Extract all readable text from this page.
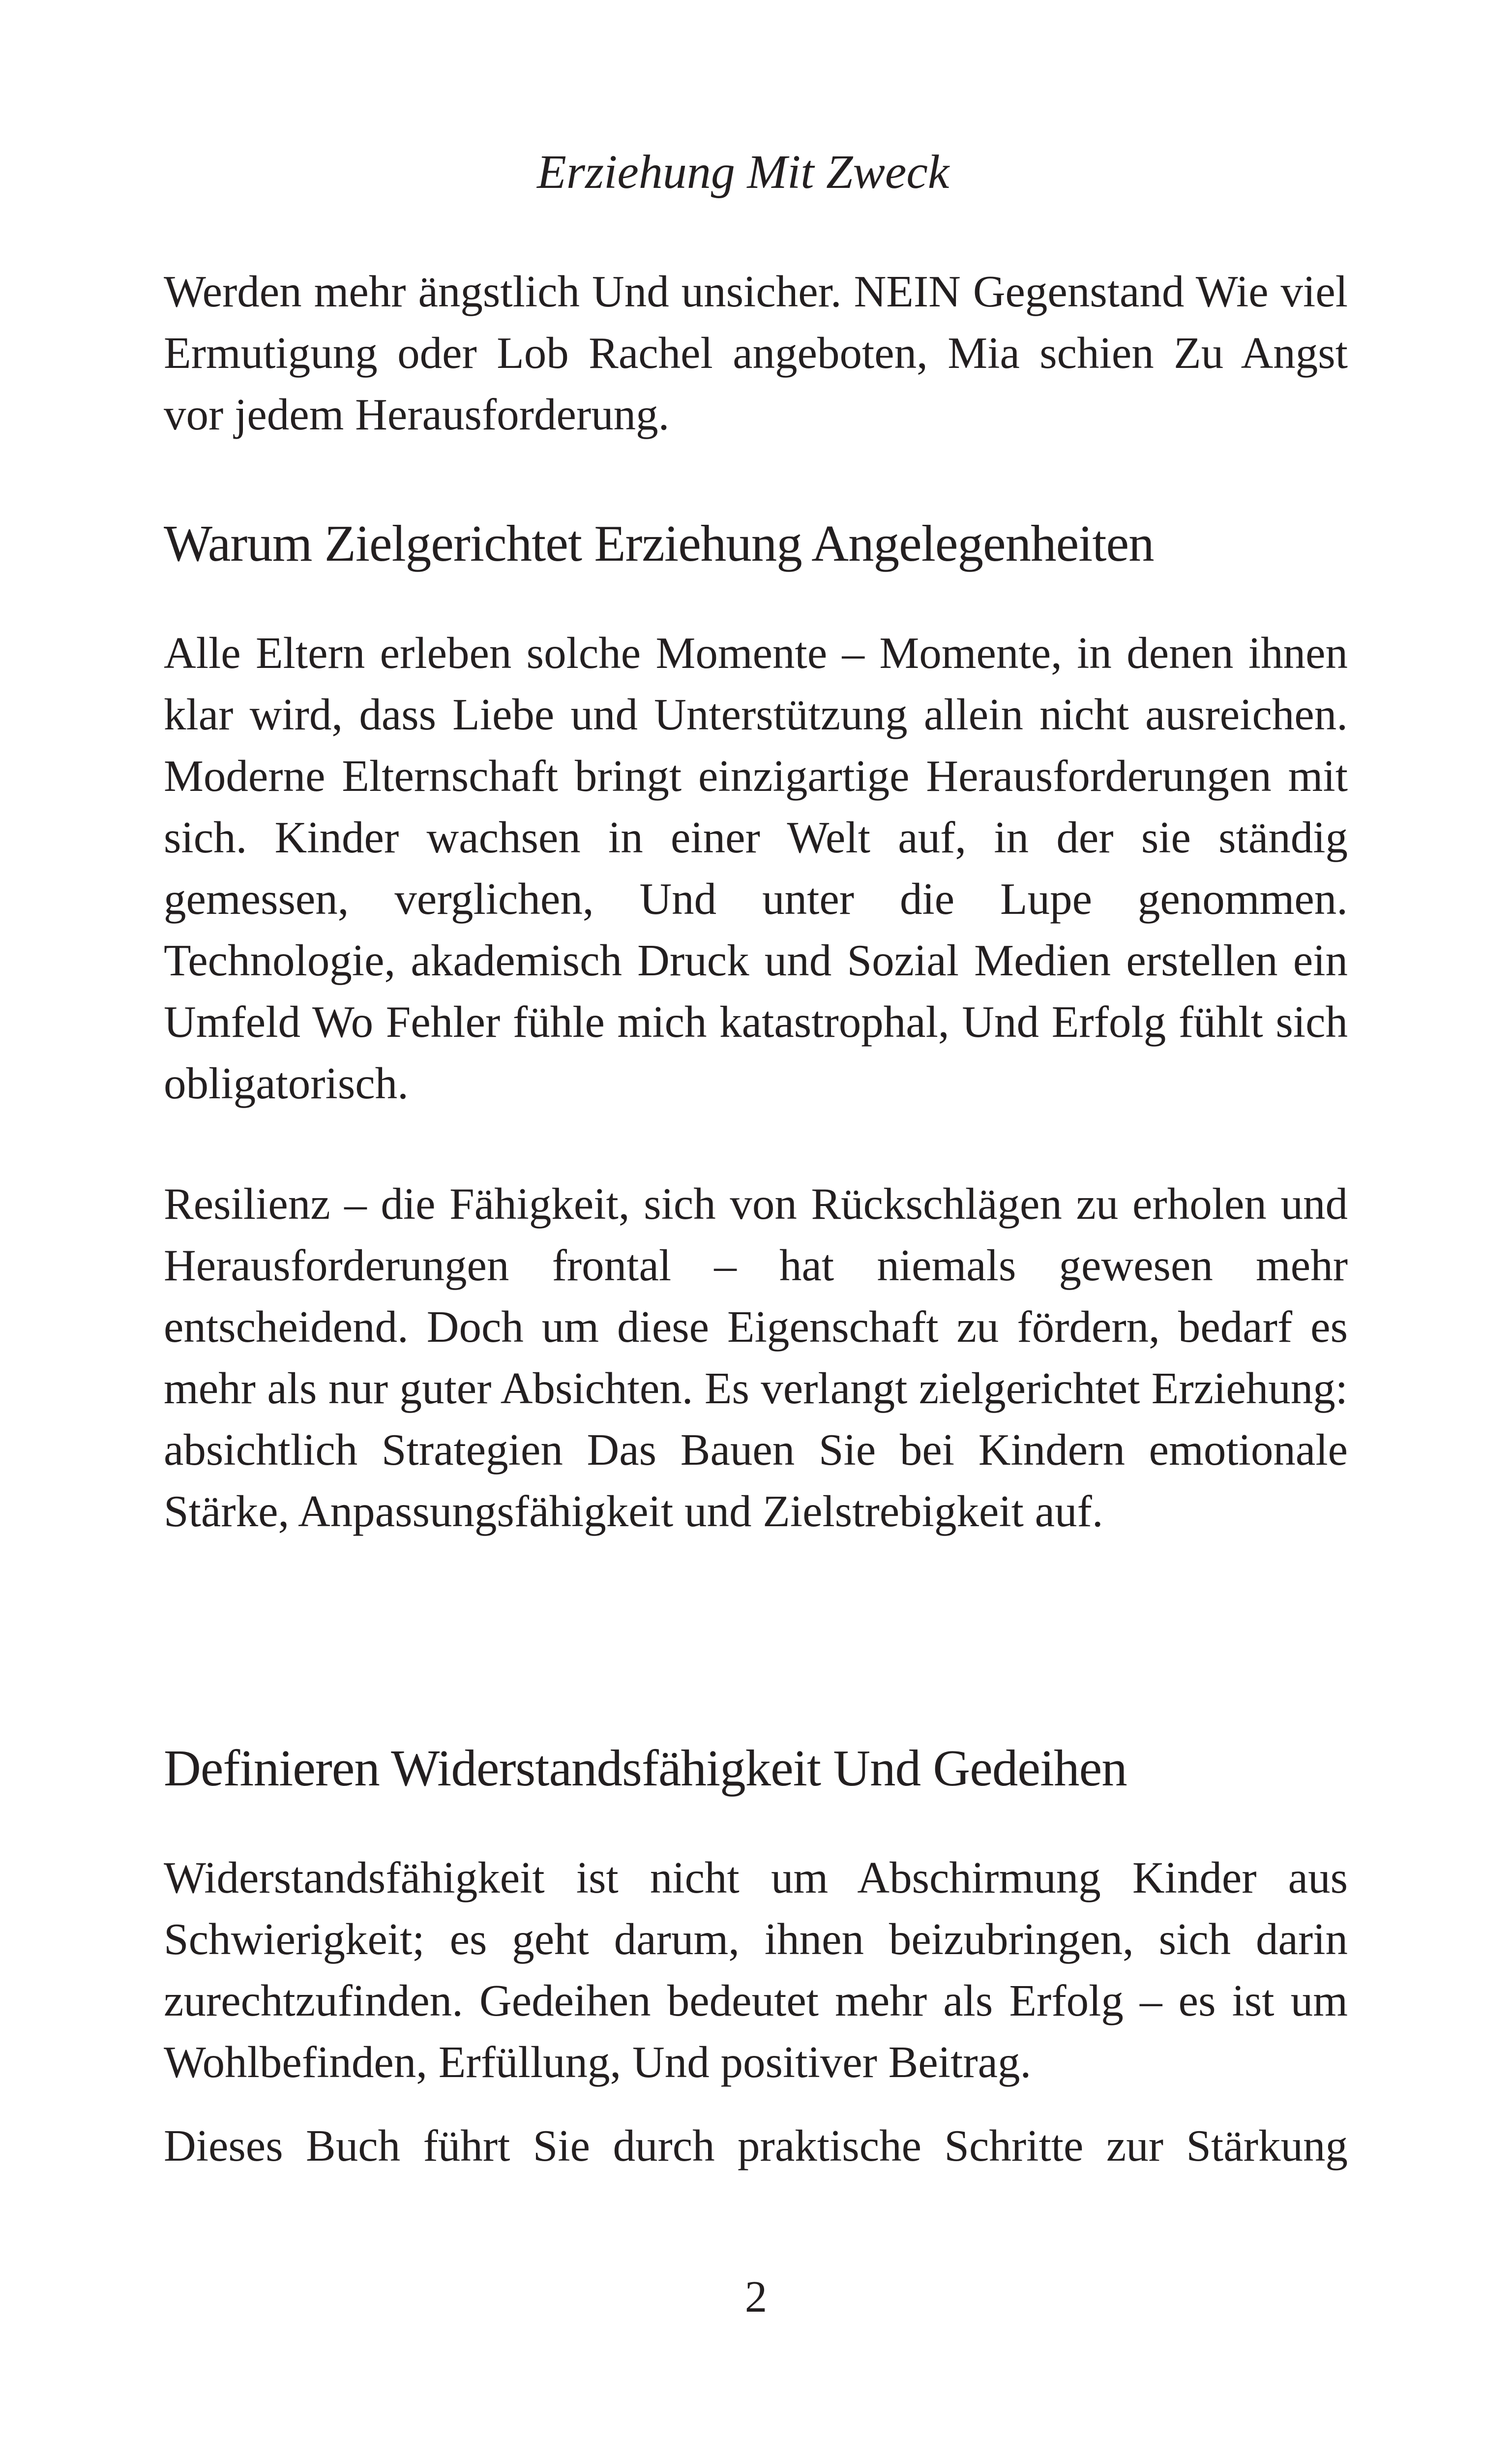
Erziehung Mit Zweck
Werden mehr ängstlich Und unsicher. NEIN Gegenstand Wie viel Ermutigung oder Lob Rachel angeboten, Mia schien Zu Angst vor jedem Herausforderung.
Warum Zielgerichtet Erziehung Angelegenheiten
Alle Eltern erleben solche Momente – Momente, in denen ihnen klar wird, dass Liebe und Unterstützung allein nicht ausreichen. Moderne Elternschaft bringt einzigartige Herausforderungen mit sich. Kinder wachsen in einer Welt auf, in der sie ständig gemessen, verglichen, Und unter die Lupe genommen. Technologie, akademisch Druck und Sozial Medien erstellen ein Umfeld Wo Fehler fühle mich katastrophal, Und Erfolg fühlt sich obligatorisch.
Resilienz – die Fähigkeit, sich von Rückschlägen zu erholen und Herausforderungen frontal – hat niemals gewesen mehr entscheidend. Doch um diese Eigenschaft zu fördern, bedarf es mehr als nur guter Absichten. Es verlangt zielgerichtet Erziehung: absichtlich Strategien Das Bauen Sie bei Kindern emotionale Stärke, Anpassungsfähigkeit und Zielstrebigkeit auf.
Definieren Widerstandsfähigkeit Und Gedeihen
Widerstandsfähigkeit ist nicht um Abschirmung Kinder aus Schwierigkeit; es geht darum, ihnen beizubringen, sich darin zurechtzufinden. Gedeihen bedeutet mehr als Erfolg – es ist um Wohlbefinden, Erfüllung, Und positiver Beitrag.
Dieses Buch führt Sie durch praktische Schritte zur Stärkung
2
